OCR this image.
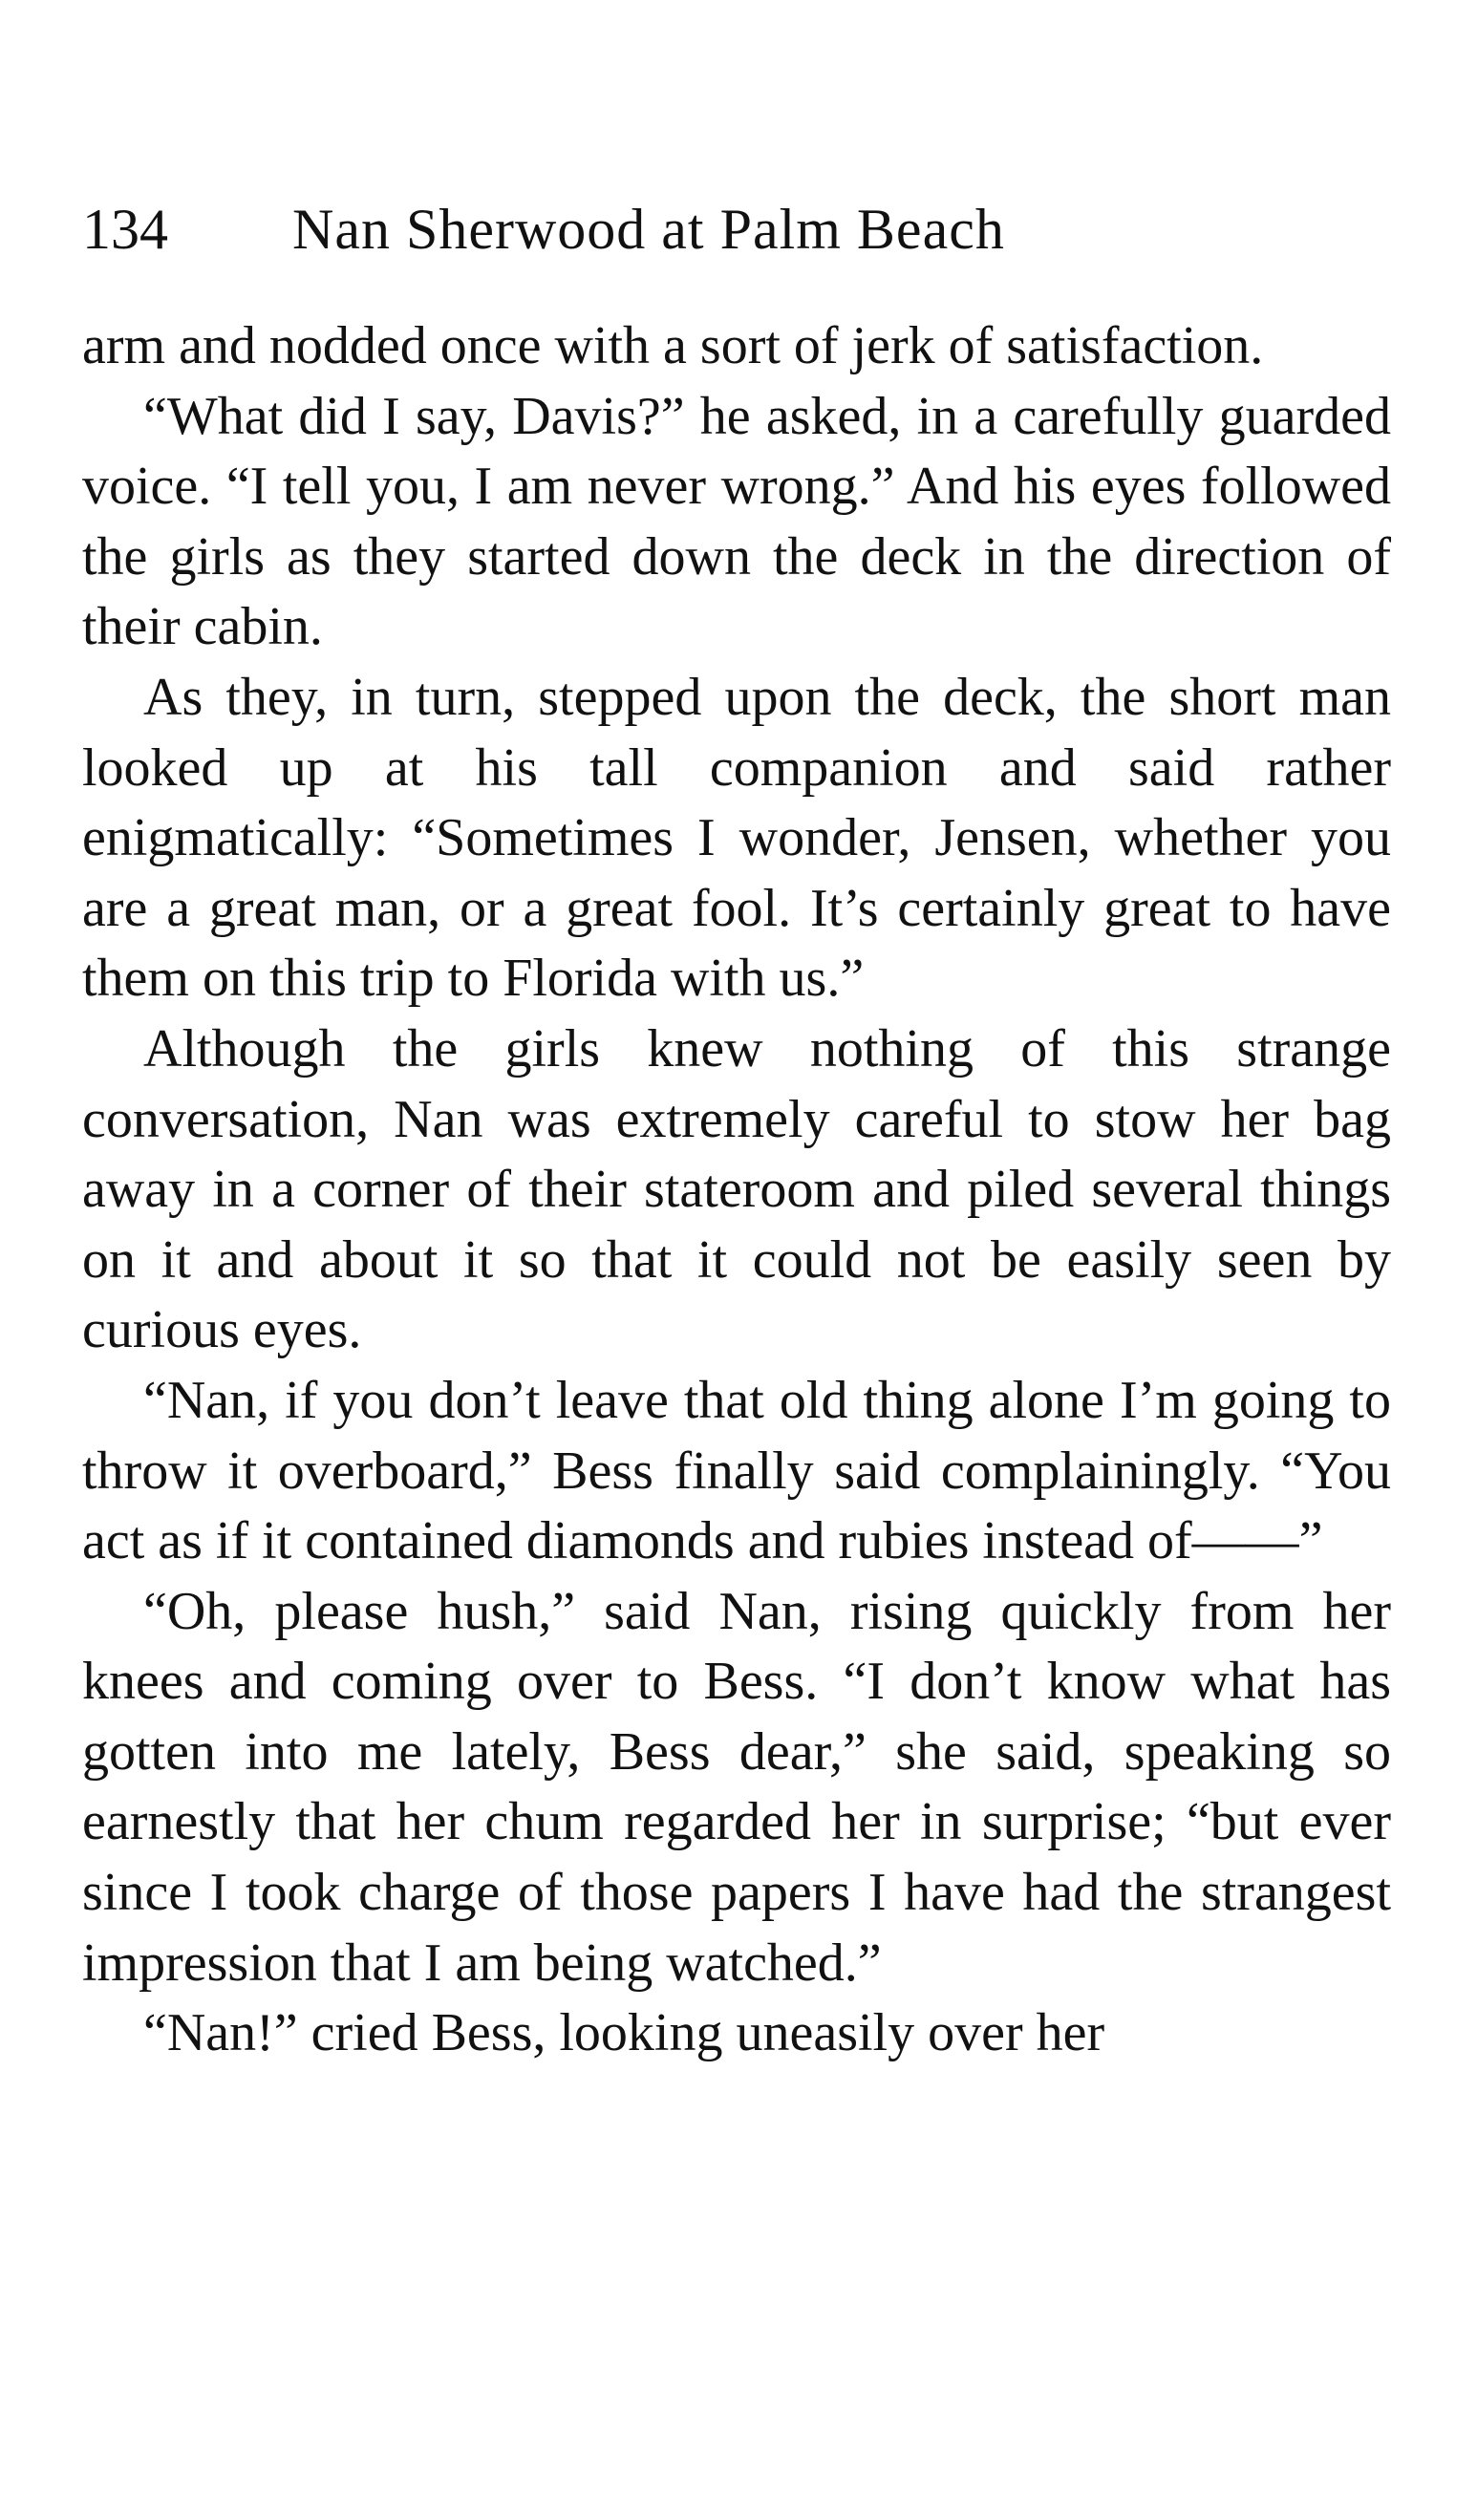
134 Nan Sherwood at Palm Beach

arm and nodded once with a sort of jerk of satisfaction.

“What did I say, Davis?” he asked, in a carefully guarded voice. “I tell you, I am never wrong.” And his eyes followed the girls as they started down the deck in the direction of their cabin.

As they, in turn, stepped upon the deck, the short man looked up at his tall companion and said rather enigmatically: “Sometimes I wonder, Jensen, whether you are a great man, or a great fool. It’s certainly great to have them on this trip to Florida with us.”

Although the girls knew nothing of this strange conversation, Nan was extremely careful to stow her bag away in a corner of their stateroom and piled several things on it and about it so that it could not be easily seen by curious eyes.

“Nan, if you don’t leave that old thing alone I’m going to throw it overboard,” Bess finally said complainingly. “You act as if it contained diamonds and rubies instead of——”

“Oh, please hush,” said Nan, rising quickly from her knees and coming over to Bess. “I don’t know what has gotten into me lately, Bess dear,” she said, speaking so earnestly that her chum regarded her in surprise; “but ever since I took charge of those papers I have had the strangest impression that I am being watched.”

“Nan!” cried Bess, looking uneasily over her
